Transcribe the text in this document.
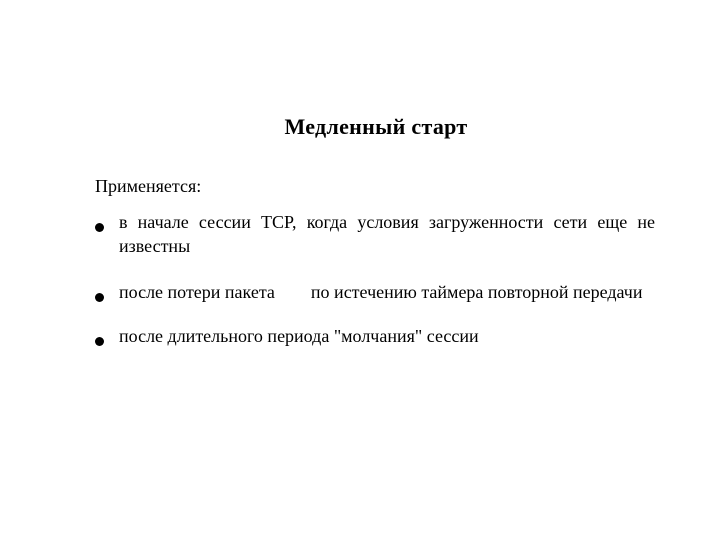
Медленный старт
Применяется:
в начале сессии TCP, когда условия загруженности сети еще не известны
после потери пакета по истечению таймера повторной передачи
после длительного периода "молчания" сессии
